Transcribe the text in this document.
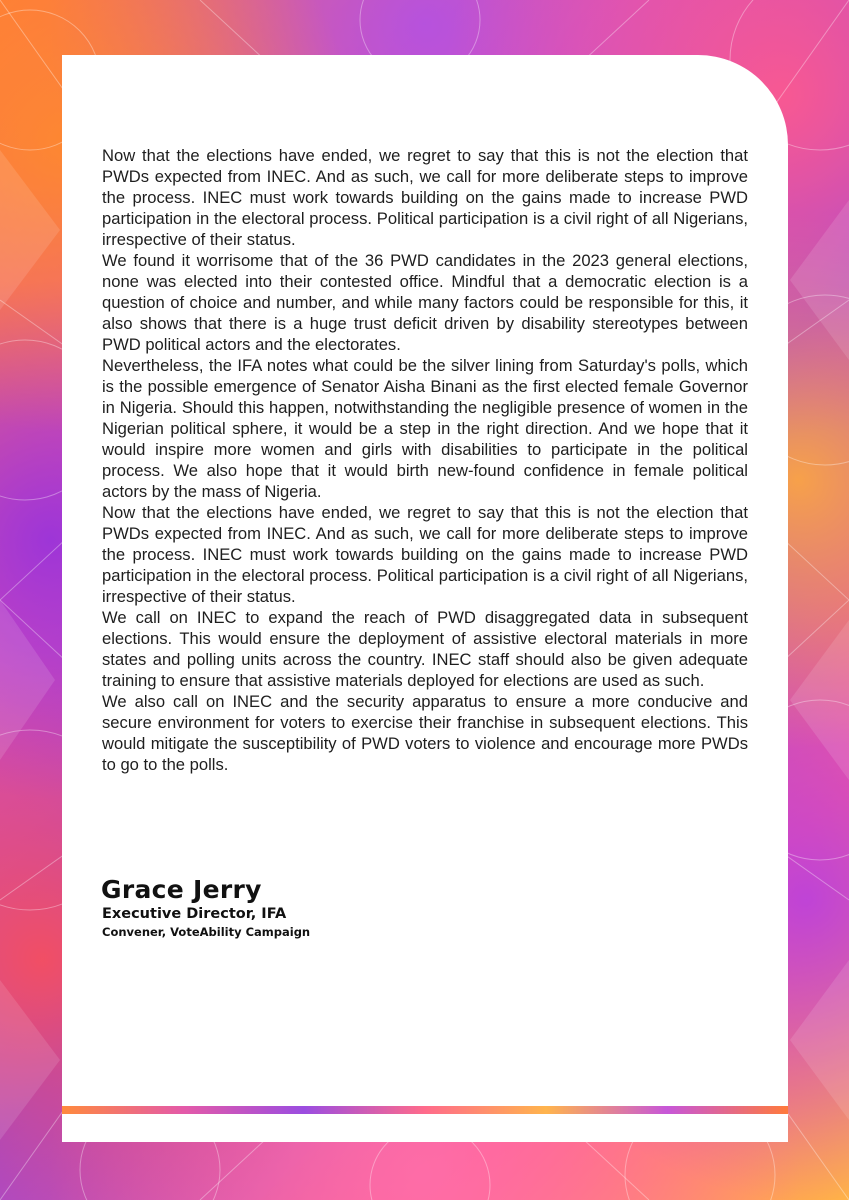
Now that the elections have ended, we regret to say that this is not the election that PWDs expected from INEC. And as such, we call for more deliberate steps to improve the process. INEC must work towards building on the gains made to increase PWD participation in the electoral process. Political participation is a civil right of all Nigerians, irrespective of their status.

We found it worrisome that of the 36 PWD candidates in the 2023 general elections, none was elected into their contested office. Mindful that a democratic election is a question of choice and number, and while many factors could be responsible for this, it also shows that there is a huge trust deficit driven by disability stereotypes between PWD political actors and the electorates.

Nevertheless, the IFA notes what could be the silver lining from Saturday's polls, which is the possible emergence of Senator Aisha Binani as the first elected female Governor in Nigeria. Should this happen, notwithstanding the negligible presence of women in the Nigerian political sphere, it would be a step in the right direction. And we hope that it would inspire more women and girls with disabilities to participate in the political process. We also hope that it would birth new-found confidence in female political actors by the mass of Nigeria.

Now that the elections have ended, we regret to say that this is not the election that PWDs expected from INEC. And as such, we call for more deliberate steps to improve the process. INEC must work towards building on the gains made to increase PWD participation in the electoral process. Political participation is a civil right of all Nigerians, irrespective of their status.

We call on INEC to expand the reach of PWD disaggregated data in subsequent elections. This would ensure the deployment of assistive electoral materials in more states and polling units across the country. INEC staff should also be given adequate training to ensure that assistive materials deployed for elections are used as such.

We also call on INEC and the security apparatus to ensure a more conducive and secure environment for voters to exercise their franchise in subsequent elections. This would mitigate the susceptibility of PWD voters to violence and encourage more PWDs to go to the polls.

Grace Jerry
Executive Director, IFA
Convener, VoteAbility Campaign
